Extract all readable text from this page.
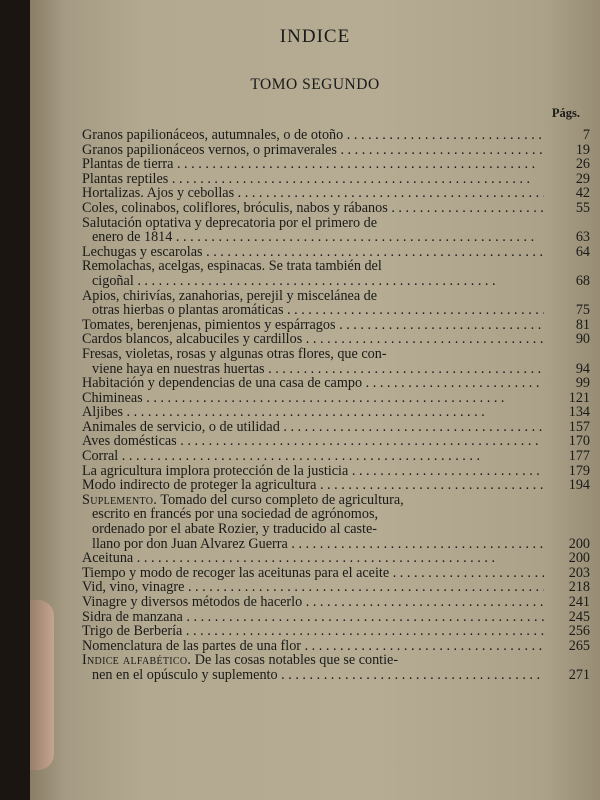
INDICE
TOMO SEGUNDO
Págs.
Granos papilionáceos, autumnales, o de otoño . . .	7
Granos papilionáceos vernos, o primaverales . . .	19
Plantas de tierra . . .	26
Plantas reptiles . . .	29
Hortalizas. Ajos y cebollas . . .	42
Coles, colinabos, coliflores, bróculis, nabos y rábanos . . .	55
Salutación optativa y deprecatoria por el primero de
enero de 1814 . . .	63
Lechugas y escarolas . . .	64
Remolachas, acelgas, espinacas. Se trata también del
cigoñal . . .	68
Apios, chirivías, zanahorias, perejil y miscelánea de
otras hierbas o plantas aromáticas . . .	75
Tomates, berenjenas, pimientos y espárragos . . .	81
Cardos blancos, alcabuciles y cardillos . . .	90
Fresas, violetas, rosas y algunas otras flores, que con-
viene haya en nuestras huertas . . .	94
Habitación y dependencias de una casa de campo . . .	99
Chimineas . . .	121
Aljibes . . .	134
Animales de servicio, o de utilidad . . .	157
Aves domésticas . . .	170
Corral . . .	177
La agricultura implora protección de la justicia . . .	179
Modo indirecto de proteger la agricultura . . .	194
Suplemento. Tomado del curso completo de agricultura,
escrito en francés por una sociedad de agrónomos,
ordenado por el abate Rozier, y traducido al caste-
llano por don Juan Alvarez Guerra . . .	200
Aceituna . . .	200
Tiempo y modo de recoger las aceitunas para el aceite . . .	203
Vid, vino, vinagre . . .	218
Vinagre y diversos métodos de hacerlo . . .	241
Sidra de manzana . . .	245
Trigo de Berbería . . .	256
Nomenclatura de las partes de una flor . . .	265
Indice alfabético. De las cosas notables que se contie-
nen en el opúsculo y suplemento . . .	271
